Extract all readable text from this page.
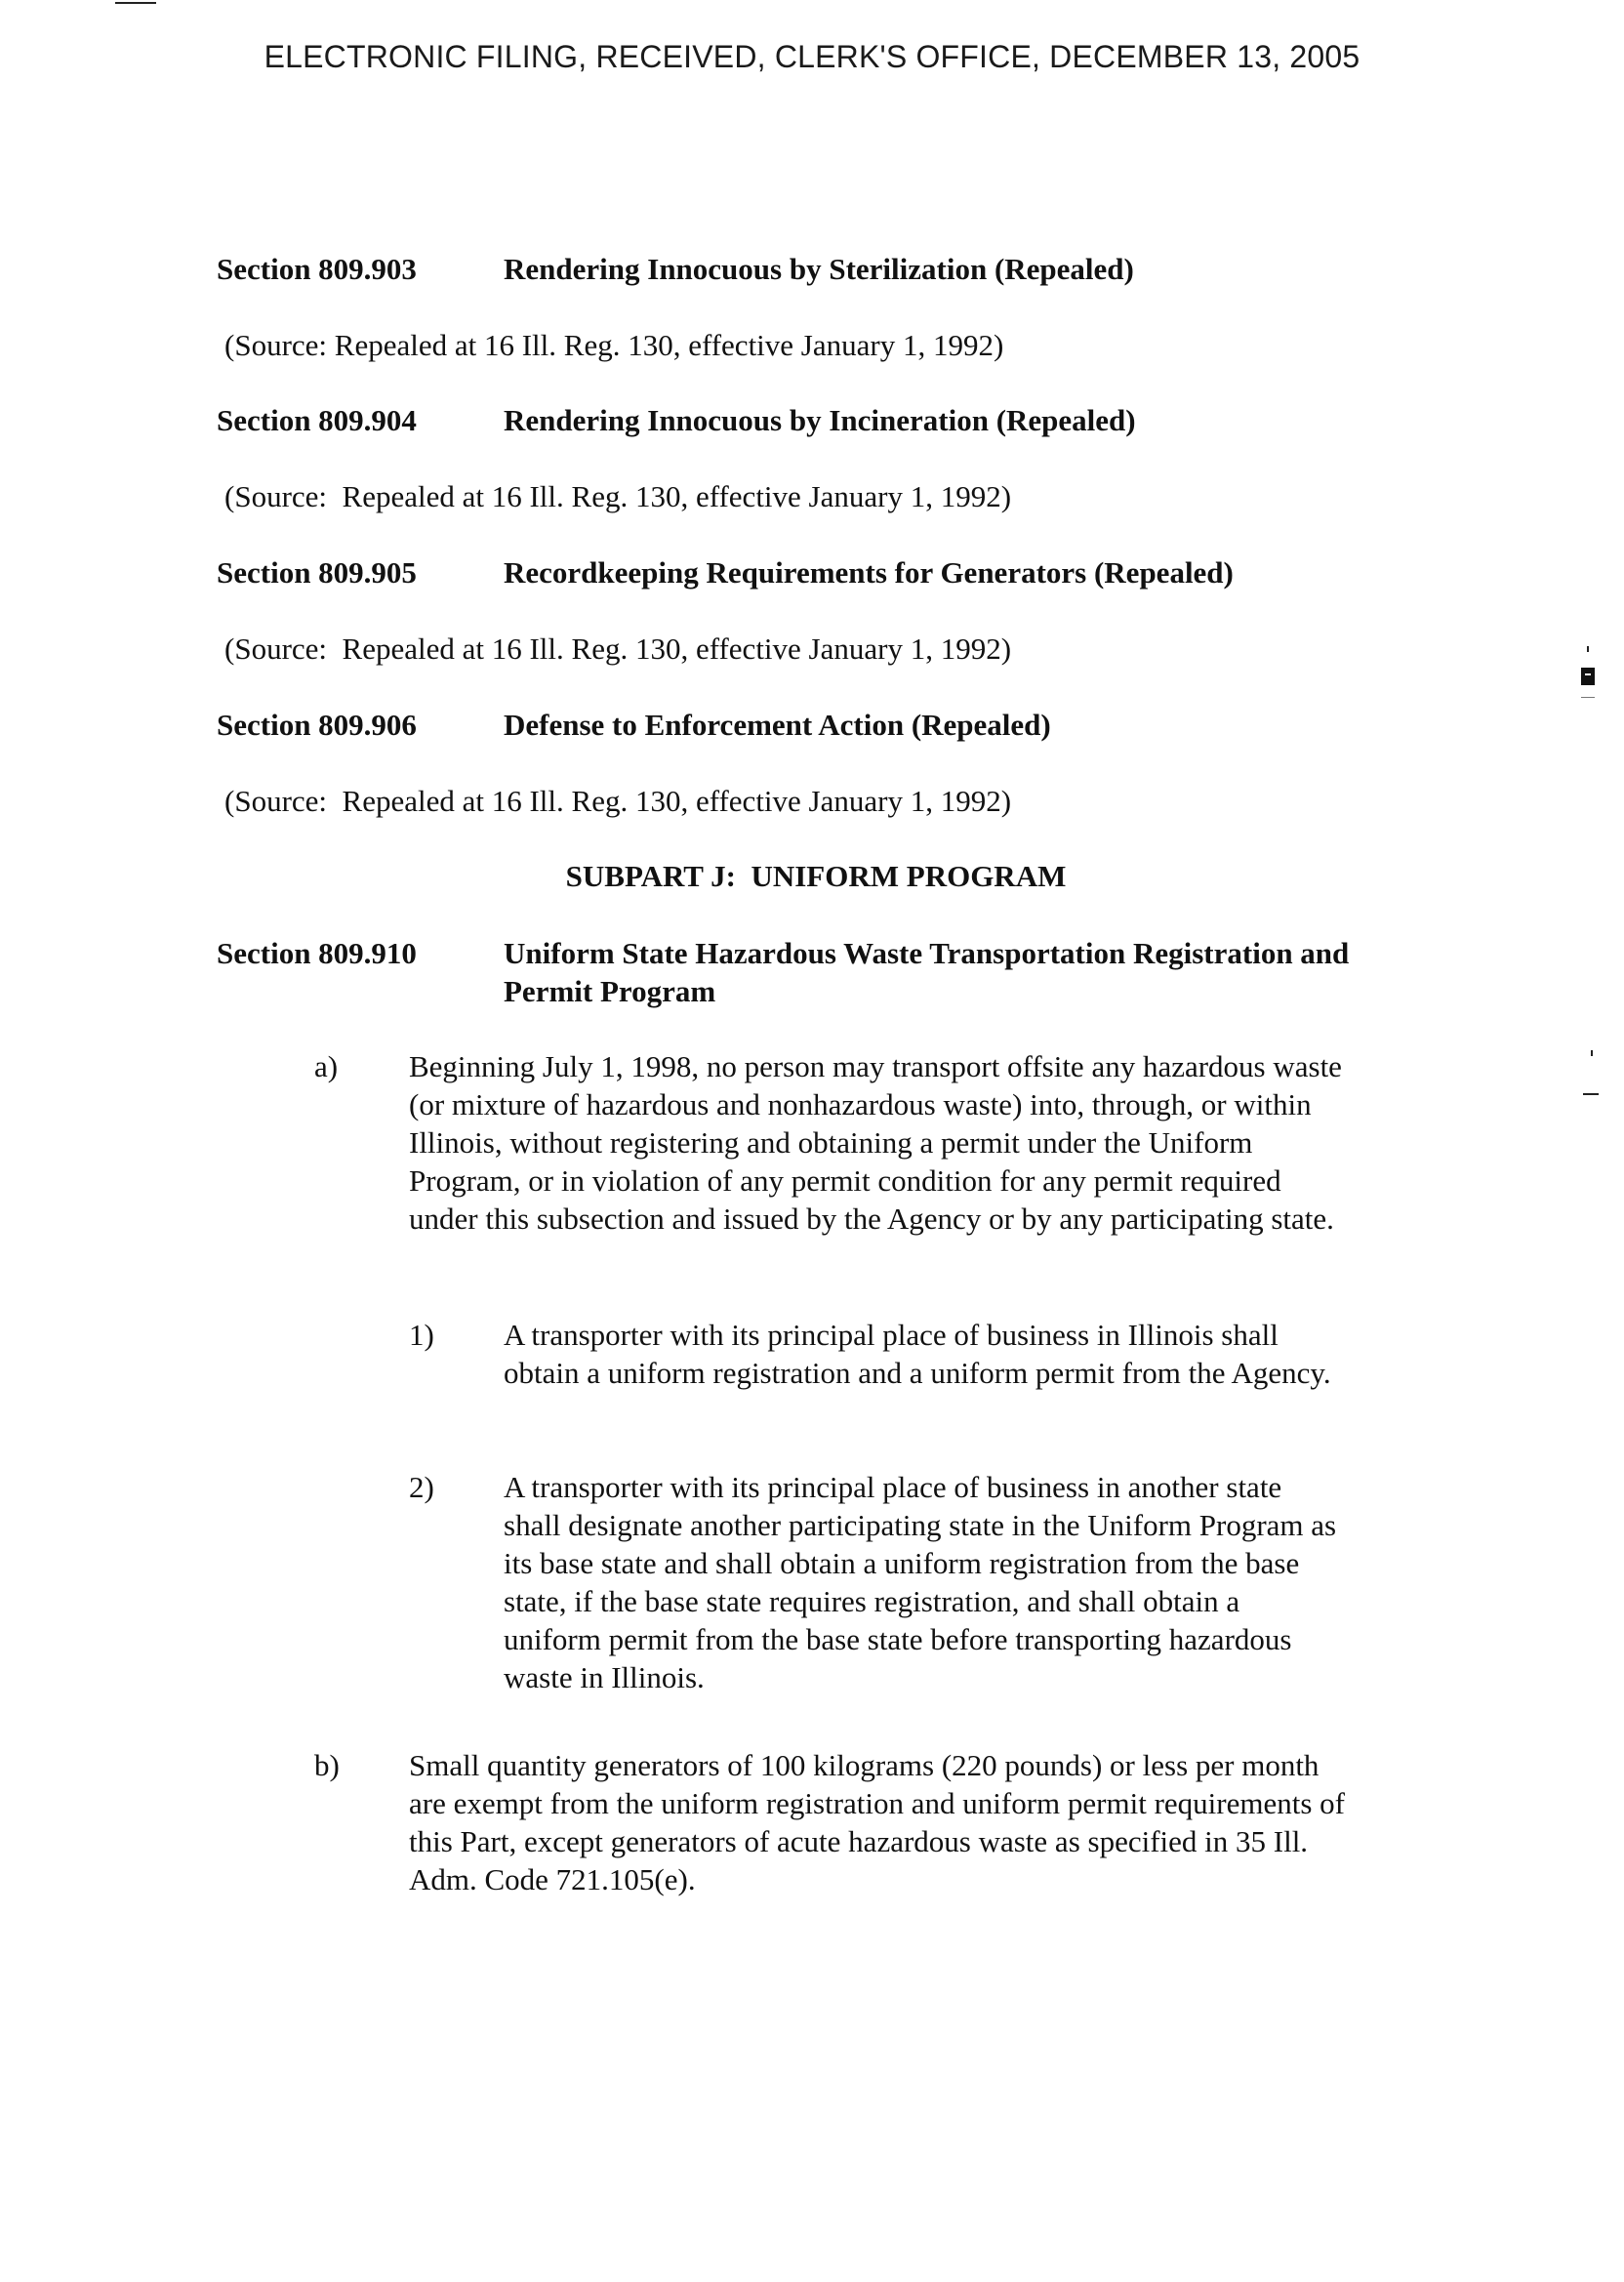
ELECTRONIC FILING, RECEIVED, CLERK'S OFFICE, DECEMBER 13, 2005
Section 809.903	Rendering Innocuous by Sterilization (Repealed)
(Source: Repealed at 16 Ill. Reg. 130, effective January 1, 1992)
Section 809.904	Rendering Innocuous by Incineration (Repealed)
(Source:  Repealed at 16 Ill. Reg. 130, effective January 1, 1992)
Section 809.905	Recordkeeping Requirements for Generators (Repealed)
(Source:  Repealed at 16 Ill. Reg. 130, effective January 1, 1992)
Section 809.906	Defense to Enforcement Action (Repealed)
(Source:  Repealed at 16 Ill. Reg. 130, effective January 1, 1992)
SUBPART J:  UNIFORM PROGRAM
Section 809.910	Uniform State Hazardous Waste Transportation Registration and Permit Program
a) Beginning July 1, 1998, no person may transport offsite any hazardous waste (or mixture of hazardous and nonhazardous waste) into, through, or within Illinois, without registering and obtaining a permit under the Uniform Program, or in violation of any permit condition for any permit required under this subsection and issued by the Agency or by any participating state.
1) A transporter with its principal place of business in Illinois shall obtain a uniform registration and a uniform permit from the Agency.
2) A transporter with its principal place of business in another state shall designate another participating state in the Uniform Program as its base state and shall obtain a uniform registration from the base state, if the base state requires registration, and shall obtain a uniform permit from the base state before transporting hazardous waste in Illinois.
b) Small quantity generators of 100 kilograms (220 pounds) or less per month are exempt from the uniform registration and uniform permit requirements of this Part, except generators of acute hazardous waste as specified in 35 Ill. Adm. Code 721.105(e).
